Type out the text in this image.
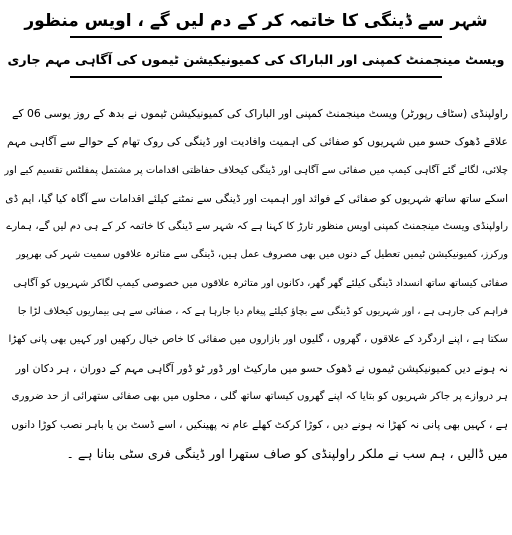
شہر سے ڈینگی کا خاتمہ کر کے دم لیں گے ، اویس منظور
ویسٹ مینجمنٹ کمپنی اور الباراک کی کمیونیکیشن ٹیموں کی آگاہی مہم جاری
راولپنڈی (سٹاف رپورٹر) ویسٹ مینجمنٹ کمپنی اور الباراک کی کمیونیکیشن ٹیموں نے بدھ کے روز یوسی 06 کے
علاقے ڈھوک حسو میں شہریوں کو صفائی کی اہمیت وافادیت اور ڈینگی کی روک تھام کے حوالے سے آگاہی مہم
چلائی، لگائے گئے آگاہی کیمپ میں صفائی سے آگاہی اور ڈینگی کیخلاف حفاظتی اقدامات پر مشتمل پمفلٹس تقسیم کیے اور
اسکے ساتھ ساتھ شہریوں کو صفائی کے فوائد اور اہمیت اور ڈینگی سے نمٹنے کیلئے اقدامات سے آگاہ کیا گیا، ایم ڈی
راولپنڈی ویسٹ مینجمنٹ کمپنی اویس منظور تارڑ کا کہنا ہے کہ شہر سے ڈینگی کا خاتمہ کر کے ہی دم لیں گے، ہمارے
ورکرز، کمیونیکیشن ٹیمیں تعطیل کے دنوں میں بھی مصروف عمل ہیں، ڈینگی سے متاثرہ علاقوں سمیت شہر کی بھرپور
صفائی کیساتھ ساتھ انسداد ڈینگی کیلئے گھر گھر، دکانوں اور متاثرہ علاقوں میں خصوصی کیمپ لگاکر شہریوں کو آگاہی
فراہم کی جارہی ہے ، اور شہریوں کو ڈینگی سے بچاؤ کیلئے پیغام دیا جارہا ہے کہ ، صفائی سے ہی بیماریوں کیخلاف لڑا جا
سکتا ہے ، اپنے اردگرد کے علاقوں ، گھروں ، گلیوں اور بازاروں میں صفائی کا خاص خیال رکھیں اور کہیں بھی پانی کھڑا
نہ ہونے دیں کمیونیکیشن ٹیموں نے ڈھوک حسو میں مارکیٹ اور ڈور ٹو ڈور آگاہی مہم کے دوران ، ہر دکان اور
ہر دروازے پر جاکر شہریوں کو بتایا کہ اپنے گھروں کیساتھ ساتھ گلی ، محلوں میں بھی صفائی ستھرائی از حد ضروری
ہے ، کہیں بھی پانی نہ کھڑا نہ ہونے دیں ، کوڑا کرکٹ کھلے عام نہ پھینکیں ، اسے ڈسٹ بن یا باہر نصب کوڑا دانوں
میں ڈالیں ، ہم سب نے ملکر راولپنڈی کو صاف ستھرا اور ڈینگی فری سٹی بنانا ہے ۔
